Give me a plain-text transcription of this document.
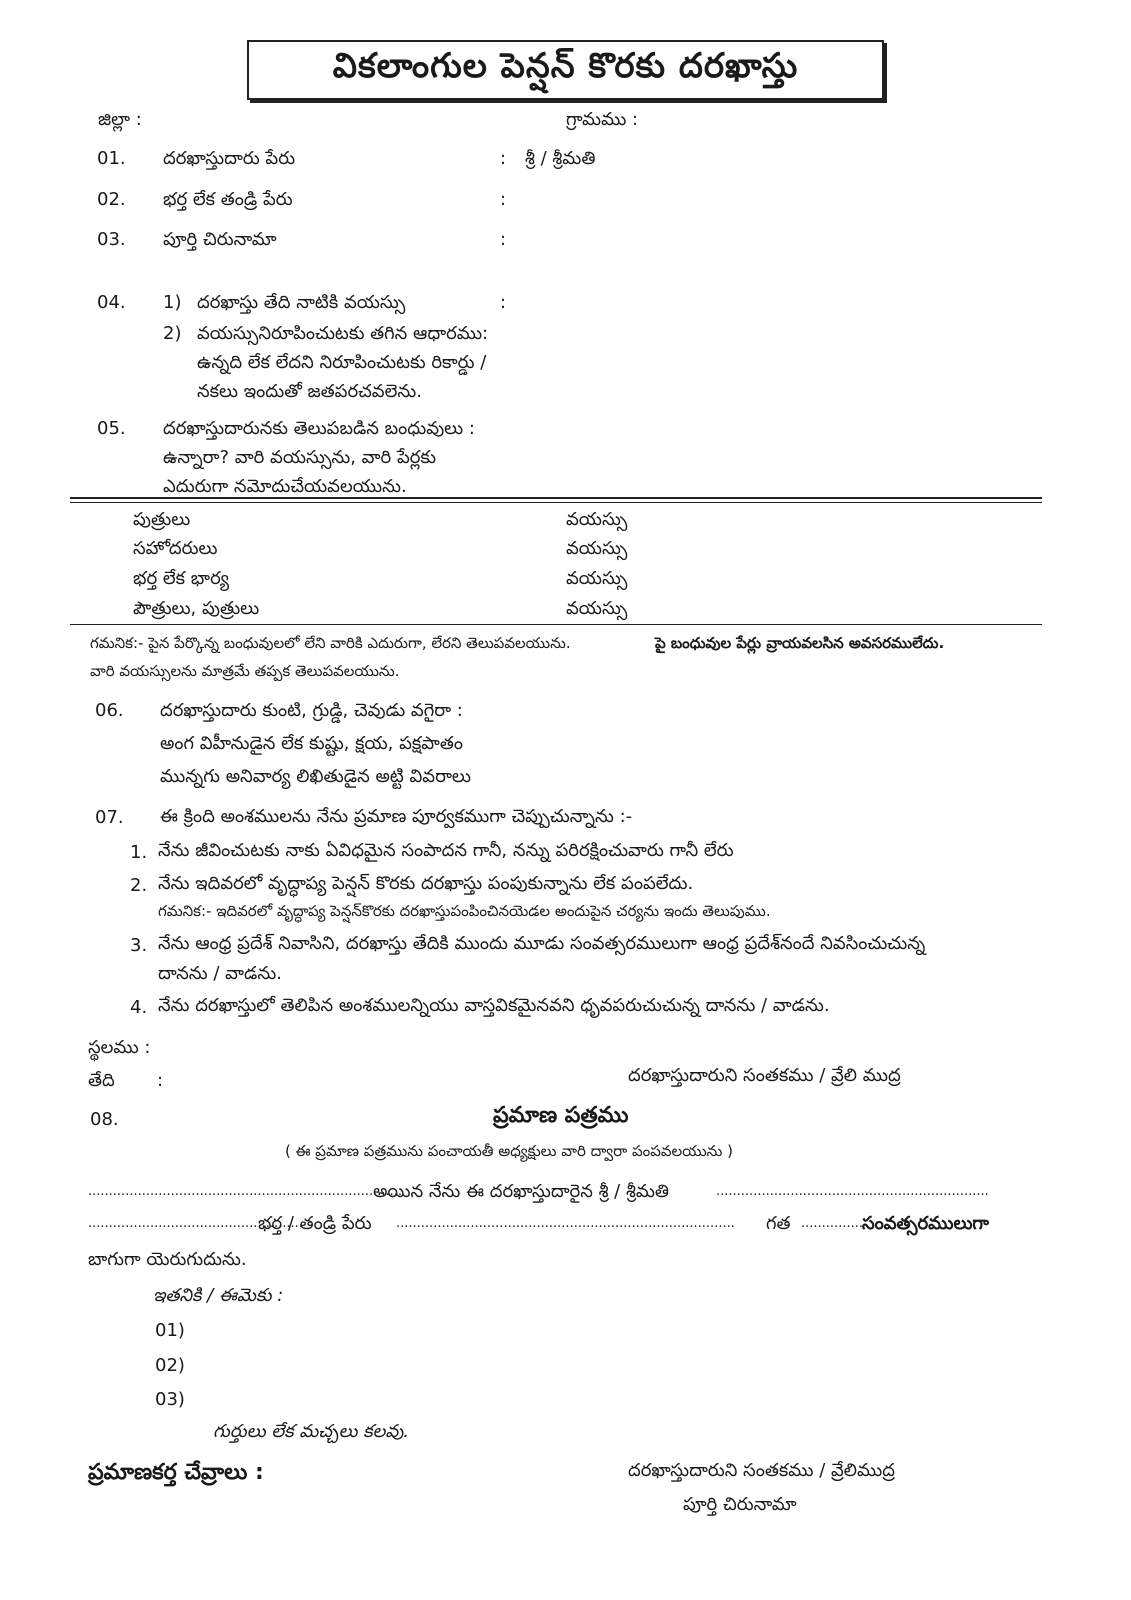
వికలాంగుల పెన్షన్ కొరకు దరఖాస్తు
జిల్లా :	గ్రామము :
01. దరఖాస్తుదారు పేరు	: శ్రీ / శ్రీమతి
02. భర్త లేక తండ్రి పేరు	:
03. పూర్తి చిరునామా	:
04. 1) దరఖాస్తు తేది నాటికి వయస్సు	:
2) వయస్సునిరూపించుటకు తగిన ఆధారము:
ఉన్నది లేక లేదని నిరూపించుటకు రికార్డు /
నకలు ఇందుతో జతపరచవలెను.
05. దరఖాస్తుదారునకు తెలుపబడిన బంధువులు :
ఉన్నారా? వారి వయస్సును, వారి పేర్లకు
ఎదురుగా నమోదుచేయవలయును.
పుత్రులు	వయస్సు
సహోదరులు	వయస్సు
భర్త లేక భార్య	వయస్సు
పౌత్రులు, పుత్రులు	వయస్సు
గమనిక:- పైన పేర్కొన్న బంధువులలో లేని వారికి ఎదురుగా, లేరని తెలుపవలయును.	పై బంధువుల పేర్లు వ్రాయవలసిన అవసరములేదు.
వారి వయస్సులను మాత్రమే తప్పక తెలుపవలయును.
06. దరఖాస్తుదారు కుంటి, గ్రుడ్డి, చెవుడు వగైరా :
అంగ విహీనుడైన లేక కుష్టు, క్షయ, పక్షపాతం
మున్నగు అనివార్య లిఖితుడైన అట్టి వివరాలు
07. ఈ క్రింది అంశములను నేను ప్రమాణ పూర్వకముగా చెప్పుచున్నాను :-
1. నేను జీవించుటకు నాకు ఏవిధమైన సంపాదన గానీ, నన్ను పరిరక్షించువారు గానీ లేరు
2. నేను ఇదివరలో వృద్ధాప్య పెన్షన్ కొరకు దరఖాస్తు పంపుకున్నాను లేక పంపలేదు.
గమనిక:- ఇదివరలో వృద్ధాప్య పెన్షన్‌కొరకు దరఖాస్తుపంపించినయెడల అందుపైన చర్యను ఇందు తెలుపుము.
3. నేను ఆంధ్ర ప్రదేశ్ నివాసిని, దరఖాస్తు తేదికి ముందు మూడు సంవత్సరములుగా ఆంధ్ర ప్రదేశ్‌నందే నివసించుచున్న
దానను / వాడను.
4. నేను దరఖాస్తులో తెలిపిన అంశములన్నియు వాస్తవికమైనవని ధృవపరుచుచున్న దానను / వాడను.
స్థలము :
తేది :	దరఖాస్తుదారుని సంతకము / వ్రేలి ముద్ర
08.	ప్రమాణ పత్రము
( ఈ ప్రమాణ పత్రమును పంచాయతీ అధ్యక్షులు వారి ద్వారా పంపవలయును )
............................................................................
అయిన నేను ఈ దరఖాస్తుదారైన శ్రీ / శ్రీమతి	..................................................................
....................................................
భర్త / తండ్రి పేరు .................................................................................. గత ............... సంవత్సరములుగా
బాగుగా యెరుగుదును.
ఇతనికి / ఈమెకు :
01)
02)
03)
గుర్తులు లేక మచ్చలు కలవు.
ప్రమాణకర్త చేవ్రాలు :	దరఖాస్తుదారుని సంతకము / వ్రేలిముద్ర
పూర్తి చిరునామా
